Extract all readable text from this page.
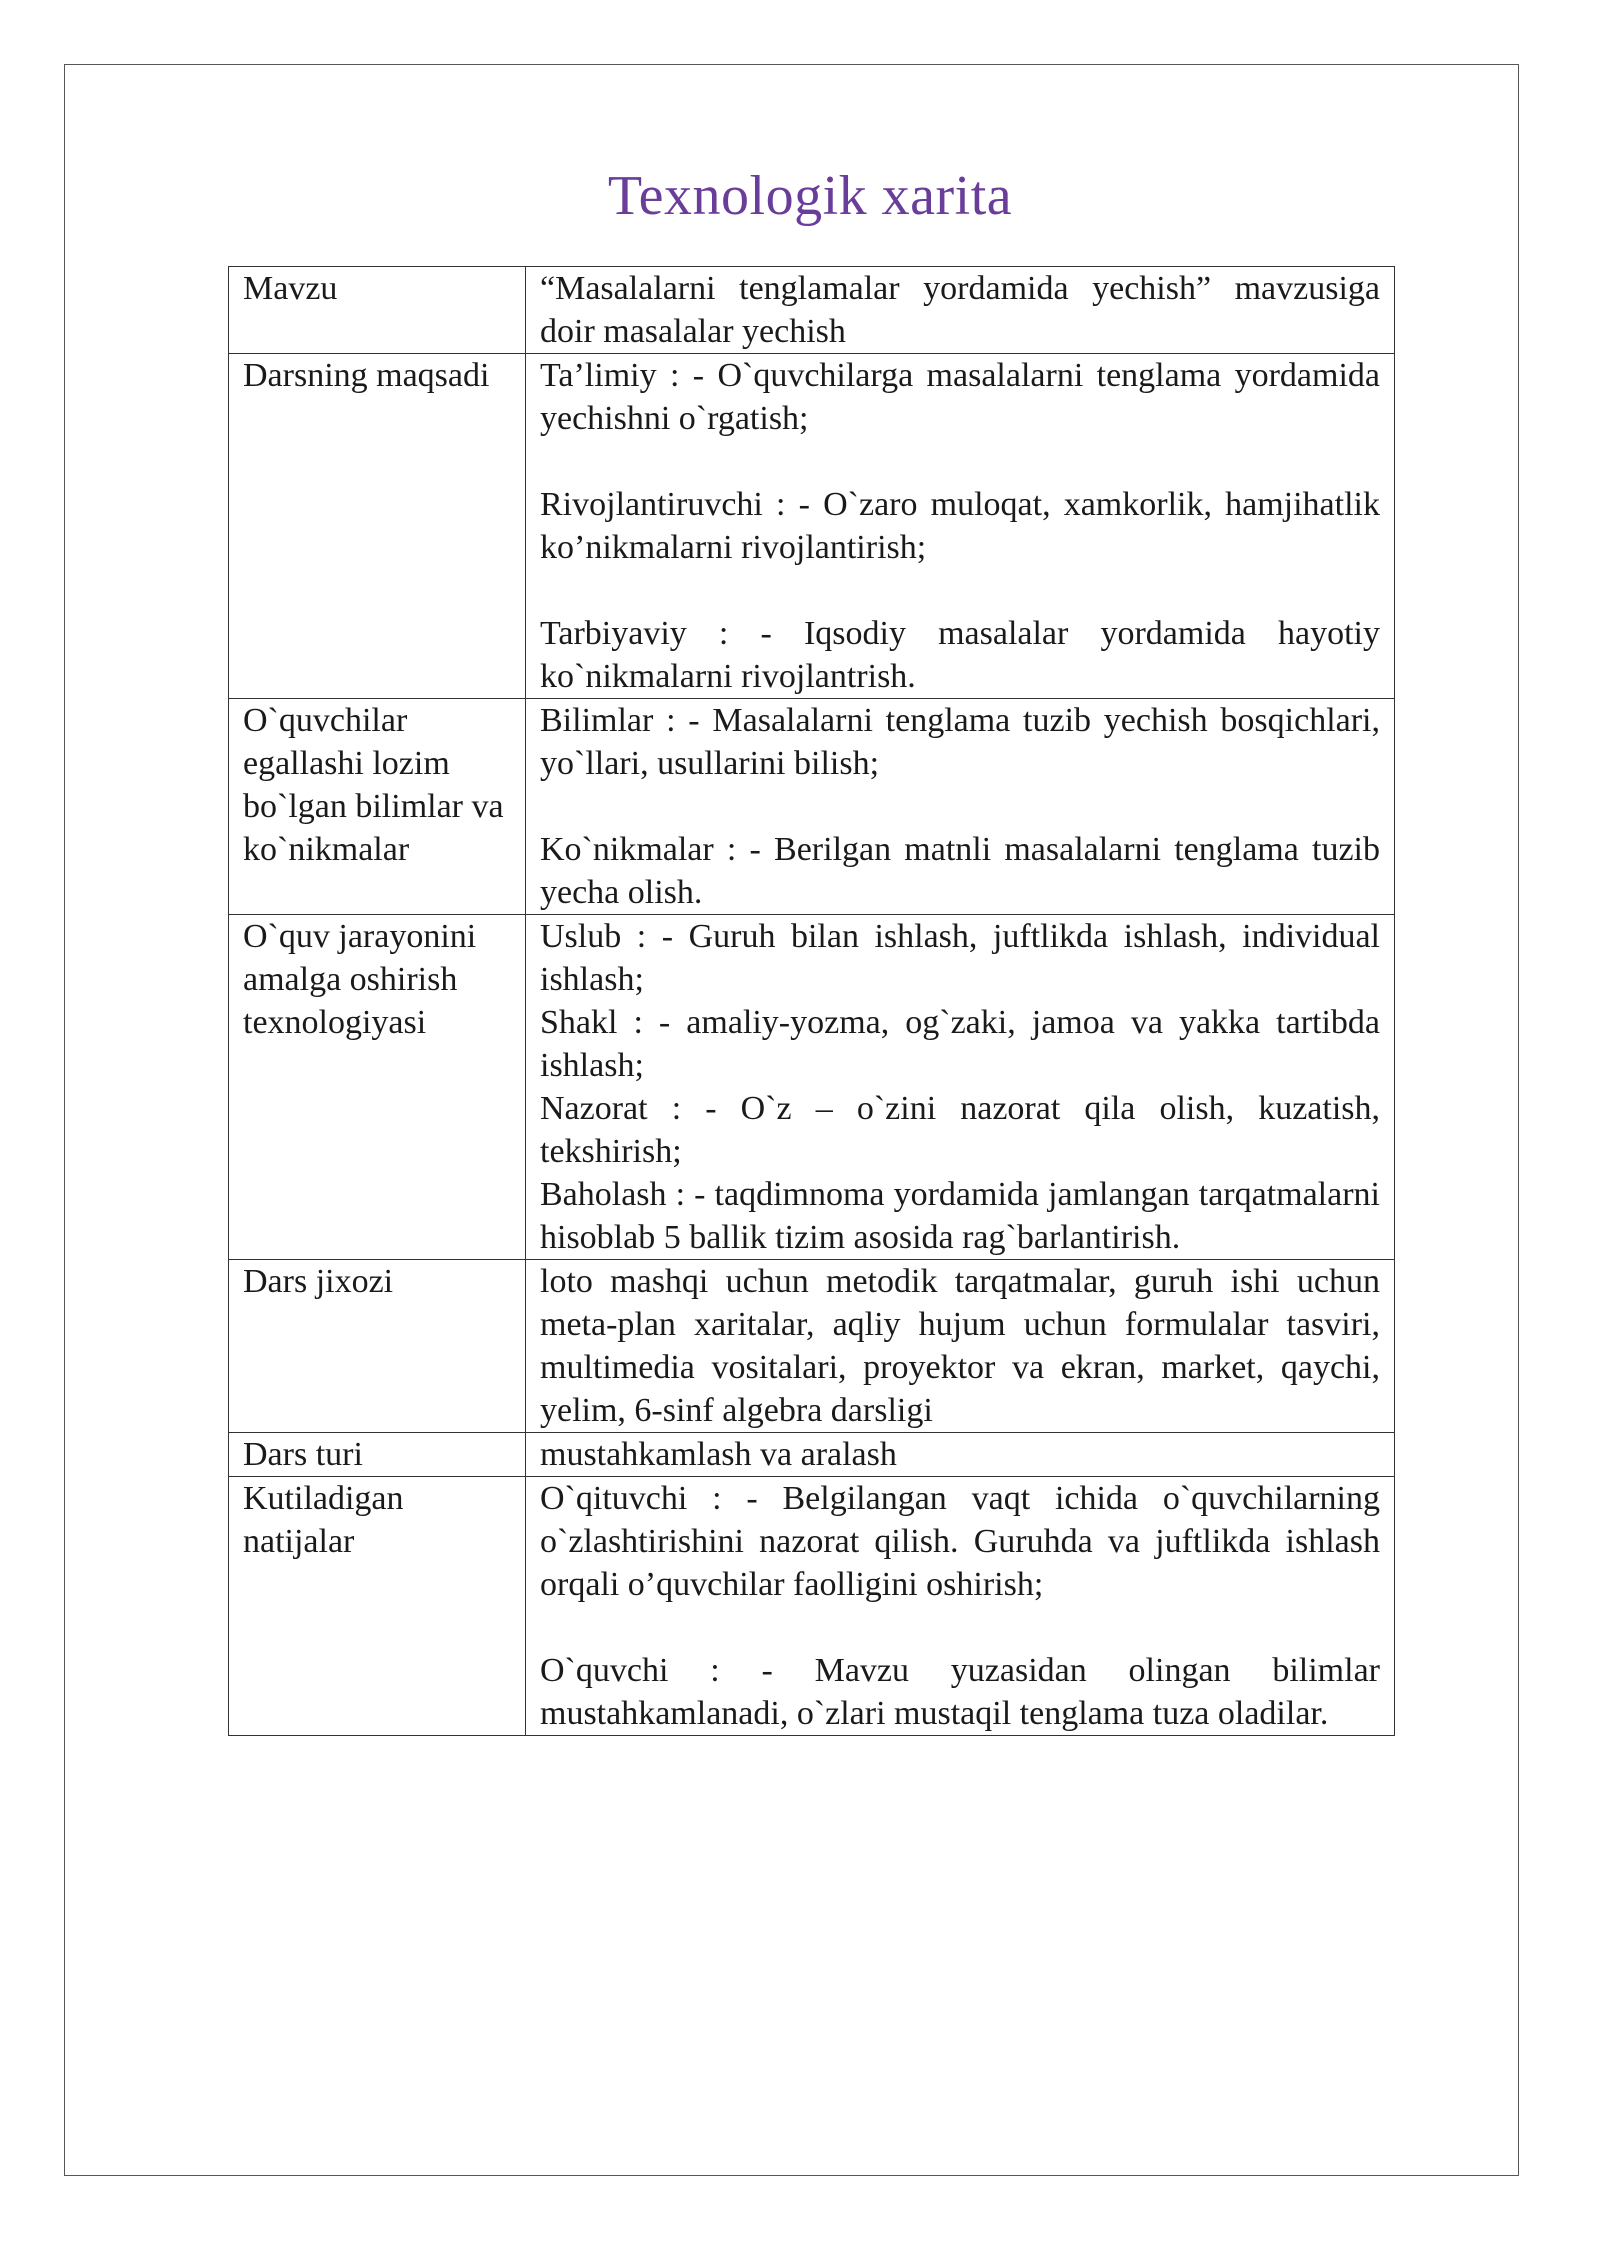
Texnologik xarita
Mavzu	“Masalalarni tenglamalar yordamida yechish” mavzusiga doir masalalar yechish

Darsning maqsadi	Ta’limiy : - O`quvchilarga masalalarni tenglama yordamida yechishni o`rgatish;
Rivojlantiruvchi : - O`zaro muloqat, xamkorlik, hamjihatlik ko’nikmalarni rivojlantirish;
Tarbiyaviy : - Iqsodiy masalalar yordamida hayotiy ko`nikmalarni rivojlantrish.

O`quvchilar egallashi lozim bo`lgan bilimlar va ko`nikmalar	Bilimlar : - Masalalarni tenglama tuzib yechish bosqichlari, yo`llari, usullarini bilish;
Ko`nikmalar : - Berilgan matnli masalalarni tenglama tuzib yecha olish.

O`quv jarayonini amalga oshirish texnologiyasi	Uslub : - Guruh bilan ishlash, juftlikda ishlash, individual ishlash;
Shakl : - amaliy-yozma, og`zaki, jamoa va yakka tartibda ishlash;
Nazorat : - O`z – o`zini nazorat qila olish, kuzatish, tekshirish;
Baholash : - taqdimnoma yordamida jamlangan tarqatmalarni hisoblab 5 ballik tizim asosida rag`barlantirish.

Dars jixozi	loto mashqi uchun metodik tarqatmalar, guruh ishi uchun meta-plan xaritalar, aqliy hujum uchun formulalar tasviri, multimedia vositalari, proyektor va ekran, market, qaychi, yelim, 6-sinf algebra darsligi

Dars turi	mustahkamlash va aralash

Kutiladigan natijalar	O`qituvchi : - Belgilangan vaqt ichida o`quvchilarning o`zlashtirishini nazorat qilish. Guruhda va juftlikda ishlash orqali o’quvchilar faolligini oshirish;
O`quvchi : - Mavzu yuzasidan olingan bilimlar mustahkamlanadi, o`zlari mustaqil tenglama tuza oladilar.
